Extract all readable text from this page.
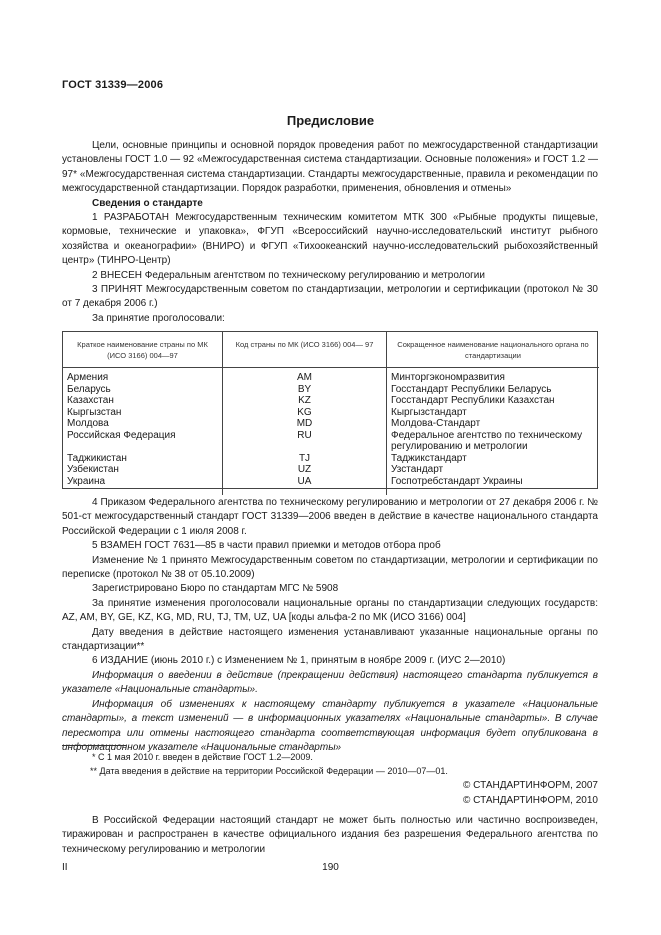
ГОСТ 31339—2006
Предисловие

Цели, основные принципы и основной порядок проведения работ по межгосударственной стандартизации установлены ГОСТ 1.0 — 92 «Межгосударственная система стандартизации. Основные положения» и ГОСТ 1.2 — 97* «Межгосударственная система стандартизации. Стандарты межгосударственные, правила и рекомендации по межгосударственной стандартизации. Порядок разработки, применения, обновления и отмены»

Сведения о стандарте

1 РАЗРАБОТАН Межгосударственным техническим комитетом МТК 300 «Рыбные продукты пищевые, кормовые, технические и упаковка», ФГУП «Всероссийский научно-исследовательский институт рыбного хозяйства и океанографии» (ВНИРО) и ФГУП «Тихоокеанский научно-исследовательский рыбохозяйственный центр» (ТИНРО-Центр)

2 ВНЕСЕН Федеральным агентством по техническому регулированию и метрологии

3 ПРИНЯТ Межгосударственным советом по стандартизации, метрологии и сертификации (протокол № 30 от 7 декабря 2006 г.)

За принятие проголосовали:

Краткое наименование страны по МК (ИСО 3166) 004—97	Код страны по МК (ИСО 3166) 004— 97	Сокращенное наименование национального органа по стандартизации

Армения	AM	Минторгэкономразвития
Беларусь	BY	Госстандарт Республики Беларусь
Казахстан	KZ	Госстандарт Республики Казахстан
Кыргызстан	KG	Кыргызстандарт
Молдова	MD	Молдова-Стандарт
Российская Федерация	RU	Федеральное агентство по техническому регулированию и метрологии
Таджикистан	TJ	Таджикстандарт
Узбекистан	UZ	Узстандарт
Украина	UA	Госпотребстандарт Украины

4 Приказом Федерального агентства по техническому регулированию и метрологии от 27 декабря 2006 г. № 501-ст межгосударственный стандарт ГОСТ 31339—2006 введен в действие в качестве национального стандарта Российской Федерации с 1 июля 2008 г.

5 ВЗАМЕН ГОСТ 7631—85 в части правил приемки и методов отбора проб

Изменение № 1 принято Межгосударственным советом по стандартизации, метрологии и сертификации по переписке (протокол № 38 от 05.10.2009)

Зарегистрировано Бюро по стандартам МГС № 5908

За принятие изменения проголосовали национальные органы по стандартизации следующих государств: AZ, AM, BY, GE, KZ, KG, MD, RU, TJ, TM, UZ, UA [коды альфа-2 по МК (ИСО 3166) 004]

Дату введения в действие настоящего изменения устанавливают указанные национальные органы по стандартизации**

6 ИЗДАНИЕ (июнь 2010 г.) с Изменением № 1, принятым в ноябре 2009 г. (ИУС 2—2010)

Информация о введении в действие (прекращении действия) настоящего стандарта публикуется в указателе «Национальные стандарты».

Информация об изменениях к настоящему стандарту публикуется в указателе «Национальные стандарты», а текст изменений — в информационных указателях «Национальные стандарты». В случае пересмотра или отмены настоящего стандарта соответствующая информация будет опубликована в информационном указателе «Национальные стандарты»

* С 1 мая 2010 г. введен в действие ГОСТ 1.2—2009.
** Дата введения в действие на территории Российской Федерации — 2010—07—01.
© СТАНДАРТИНФОРМ, 2007
© СТАНДАРТИНФОРМ, 2010

В Российской Федерации настоящий стандарт не может быть полностью или частично воспроизведен, тиражирован и распространен в качестве официального издания без разрешения Федерального агентства по техническому регулированию и метрологии

II	190
